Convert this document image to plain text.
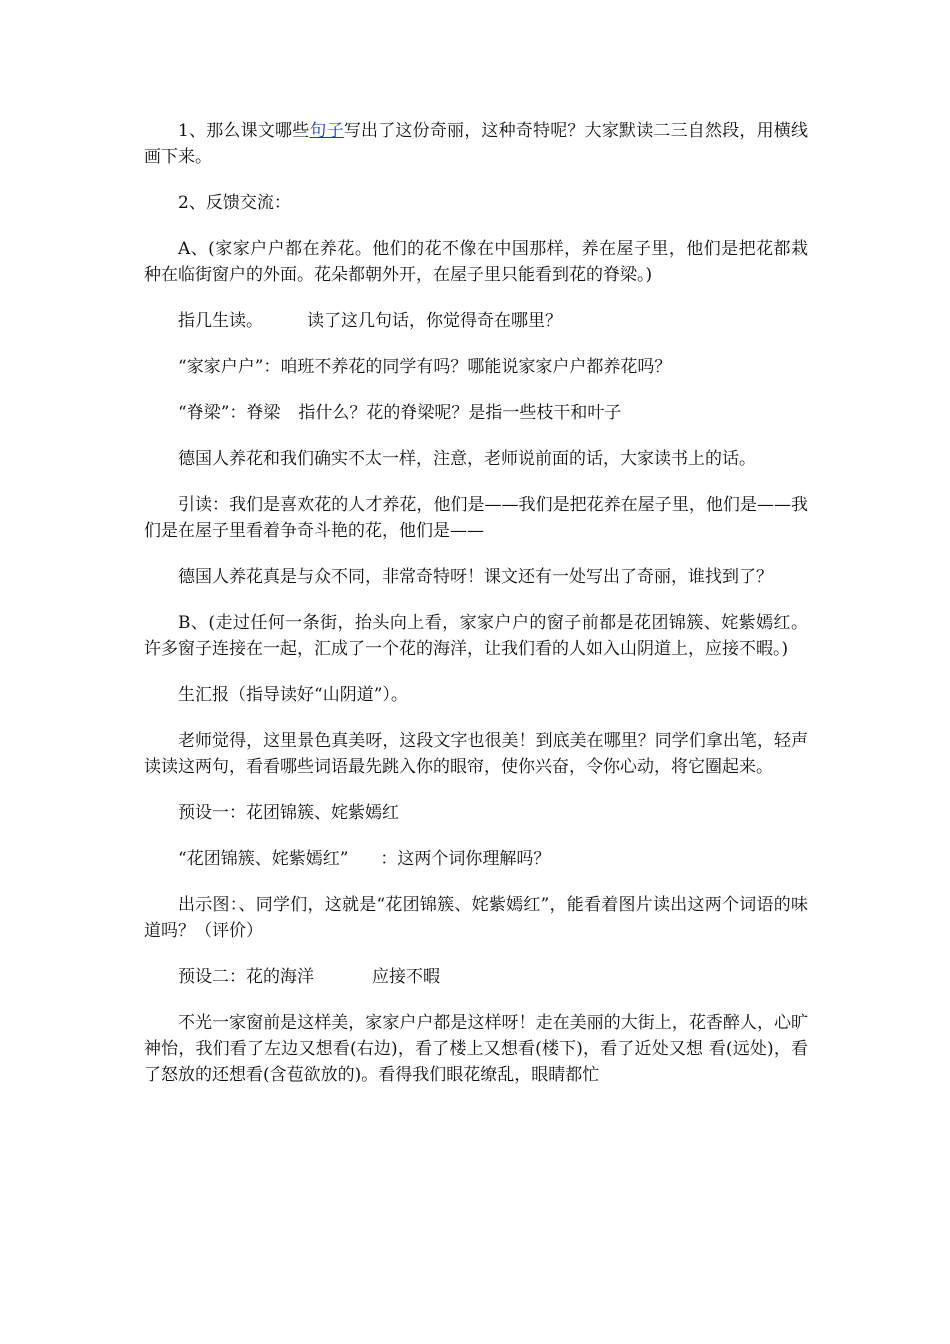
1、那么课文哪些句子写出了这份奇丽，这种奇特呢？大家默读二三自然段，用横线画下来。

2、反馈交流：

A、(家家户户都在养花。他们的花不像在中国那样，养在屋子里，他们是把花都栽种在临街窗户的外面。花朵都朝外开，在屋子里只能看到花的脊梁。)

指几生读。	读了这几句话，你觉得奇在哪里？

“家家户户”：咱班不养花的同学有吗？哪能说家家户户都养花吗？

“脊梁”：脊梁 指什么？花的脊梁呢？是指一些枝干和叶子

德国人养花和我们确实不太一样，注意，老师说前面的话，大家读书上的话。

引读：我们是喜欢花的人才养花，他们是——我们是把花养在屋子里，他们是——我们是在屋子里看着争奇斗艳的花，他们是——

德国人养花真是与众不同，非常奇特呀！课文还有一处写出了奇丽，谁找到了？

B、(走过任何一条街，抬头向上看，家家户户的窗子前都是花团锦簇、姹紫嫣红。许多窗子连接在一起，汇成了一个花的海洋，让我们看的人如入山阴道上，应接不暇。)

生汇报（指导读好“山阴道”）。

老师觉得，这里景色真美呀，这段文字也很美！到底美在哪里？同学们拿出笔，轻声读读这两句，看看哪些词语最先跳入你的眼帘，使你兴奋，令你心动，将它圈起来。

预设一：花团锦簇、姹紫嫣红

“花团锦簇、姹紫嫣红” ：这两个词你理解吗？

出示图：、同学们，这就是“花团锦簇、姹紫嫣红”，能看着图片读出这两个词语的味道吗？（评价）

预设二：花的海洋	应接不暇

不光一家窗前是这样美，家家户户都是这样呀！走在美丽的大街上，花香醉人，心旷神怡，我们看了左边又想看(右边)，看了楼上又想看(楼下)，看了近处又想 看(远处)，看了怒放的还想看(含苞欲放的)。看得我们眼花缭乱，眼睛都忙
